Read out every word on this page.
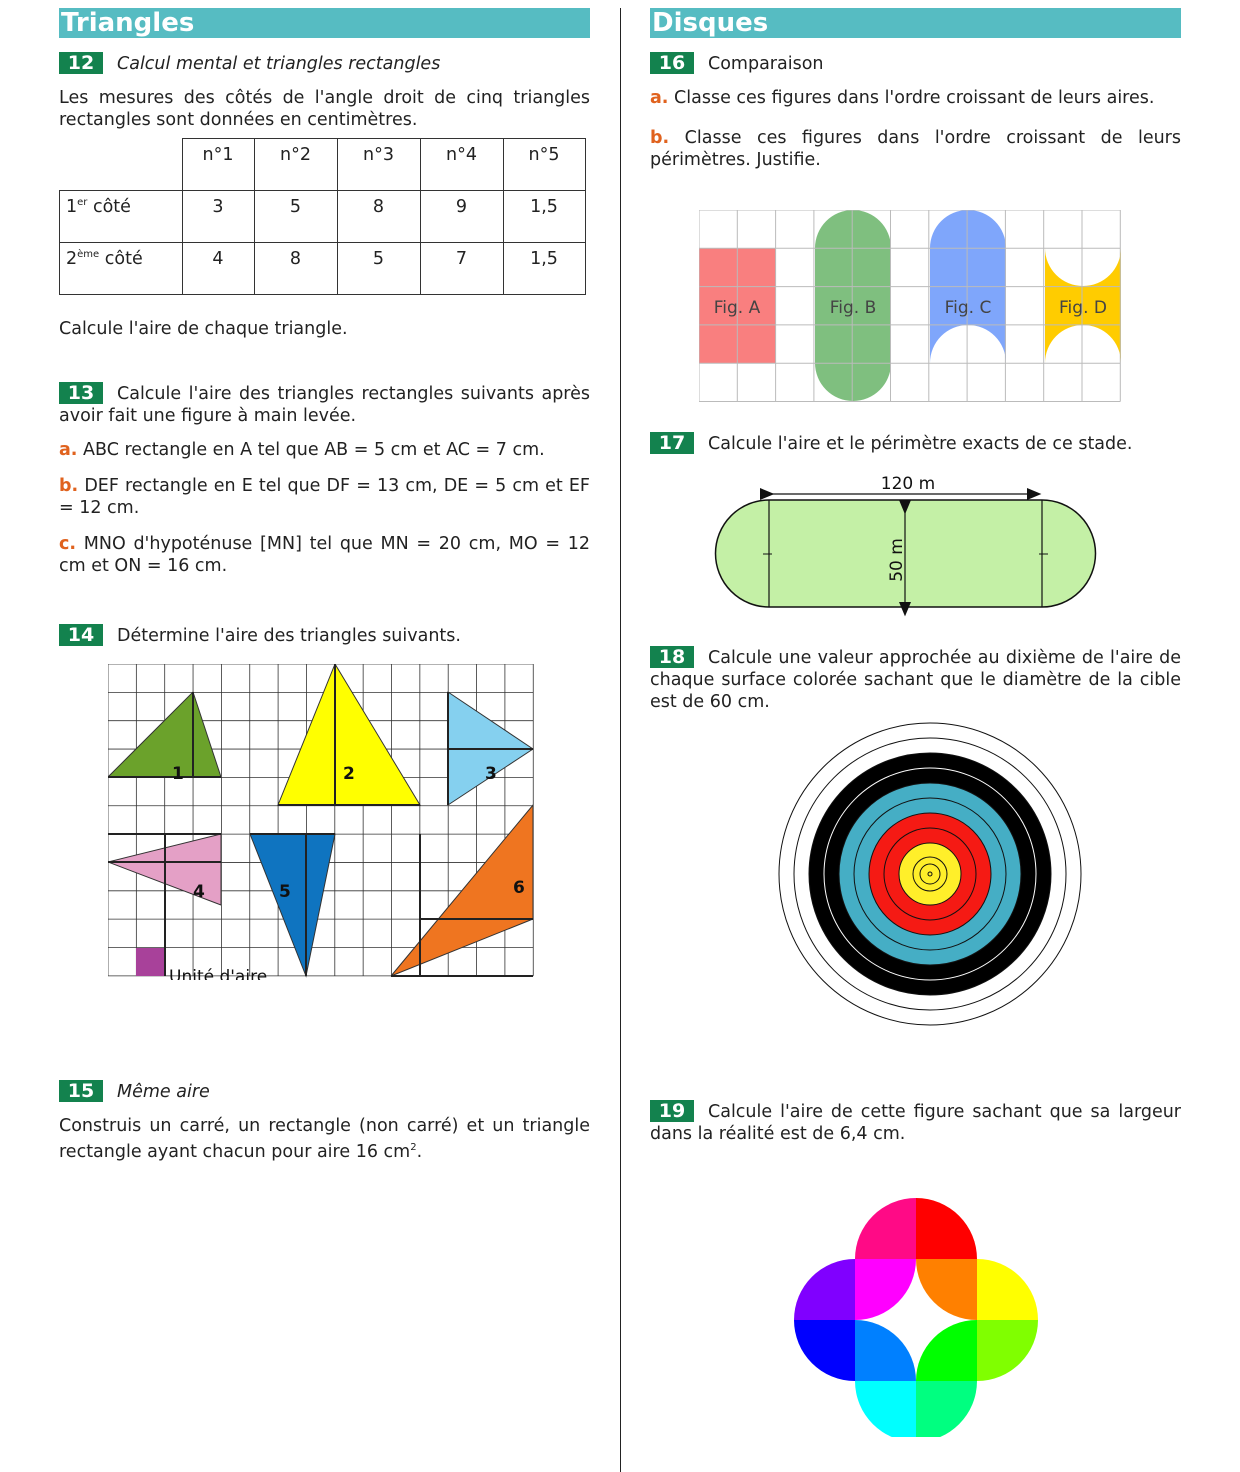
Triangles

12 Calcul mental et triangles rectangles

Les mesures des côtés de l'angle droit de cinq triangles rectangles sont données en centimètres.

	n°1	n°2	n°3	n°4	n°5
1er côté	3	5	8	9	1,5
2ème côté	4	8	5	7	1,5

Calcule l'aire de chaque triangle.

13 Calcule l'aire des triangles rectangles suivants après avoir fait une figure à main levée.

a. ABC rectangle en A tel que AB = 5 cm et AC = 7 cm.

b. DEF rectangle en E tel que DF = 13 cm, DE = 5 cm et EF = 12 cm.

c. MNO d'hypoténuse [MN] tel que MN = 20 cm, MO = 12 cm et ON = 16 cm.

14 Détermine l'aire des triangles suivants.

1	2	3
4	5	6
Unité d'aire

15 Même aire

Construis un carré, un rectangle (non carré) et un triangle rectangle ayant chacun pour aire 16 $cm^2$.

Disques

16 Comparaison

a. Classe ces figures dans l'ordre croissant de leurs aires.

b. Classe ces figures dans l'ordre croissant de leurs périmètres. Justifie.

Fig. A	Fig. B	Fig. C	Fig. D

17 Calcule l'aire et le périmètre exacts de ce stade.

120 m
50 m

18 Calcule une valeur approchée au dixième de l'aire de chaque surface colorée sachant que le diamètre de la cible est de 60 cm.

19 Calcule l'aire de cette figure sachant que sa largeur dans la réalité est de 6,4 cm.
